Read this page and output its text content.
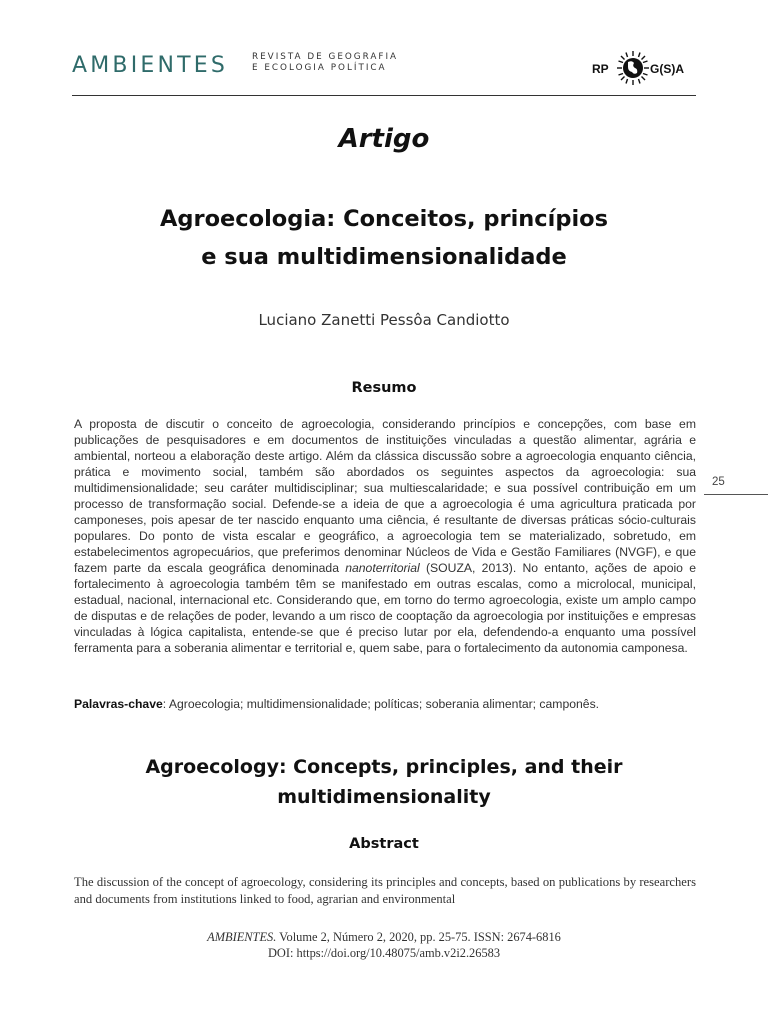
AMBIENTES	REVISTA DE GEOGRAFIA
E ECOLOGIA POLÍTICA	RP	G(S)A
Artigo
Agroecologia: Conceitos, princípios
e sua multidimensionalidade
Luciano Zanetti Pessôa Candiotto
Resumo
A proposta de discutir o conceito de agroecologia, considerando princípios e concepções, com base em publicações de pesquisadores e em documentos de instituições vinculadas a questão alimentar, agrária e ambiental, norteou a elaboração deste artigo. Além da clássica discussão sobre a agroecologia enquanto ciência, prática e movimento social, também são abordados os seguintes aspectos da agroecologia: sua multidimensionalidade; seu caráter multidisciplinar; sua multiescalaridade; e sua possível contribuição em um processo de transformação social. Defende-se a ideia de que a agroecologia é uma agricultura praticada por camponeses, pois apesar de ter nascido enquanto uma ciência, é resultante de diversas práticas sócio-culturais populares. Do ponto de vista escalar e geográfico, a agroecologia tem se materializado, sobretudo, em estabelecimentos agropecuários, que preferimos denominar Núcleos de Vida e Gestão Familiares (NVGF), e que fazem parte da escala geográfica denominada nanoterritorial (SOUZA, 2013). No entanto, ações de apoio e fortalecimento à agroecologia também têm se manifestado em outras escalas, como a microlocal, municipal, estadual, nacional, internacional etc. Considerando que, em torno do termo agroecologia, existe um amplo campo de disputas e de relações de poder, levando a um risco de cooptação da agroecologia por instituições e empresas vinculadas à lógica capitalista, entende-se que é preciso lutar por ela, defendendo-a enquanto uma possível ferramenta para a soberania alimentar e territorial e, quem sabe, para o fortalecimento da autonomia camponesa.
25
Palavras-chave: Agroecologia; multidimensionalidade; políticas; soberania alimentar; camponês.
Agroecology: Concepts, principles, and their
multidimensionality
Abstract
The discussion of the concept of agroecology, considering its principles and concepts, based on publications by researchers and documents from institutions linked to food, agrarian and environmental
AMBIENTES. Volume 2, Número 2, 2020, pp. 25-75. ISSN: 2674-6816
DOI: https://doi.org/10.48075/amb.v2i2.26583
